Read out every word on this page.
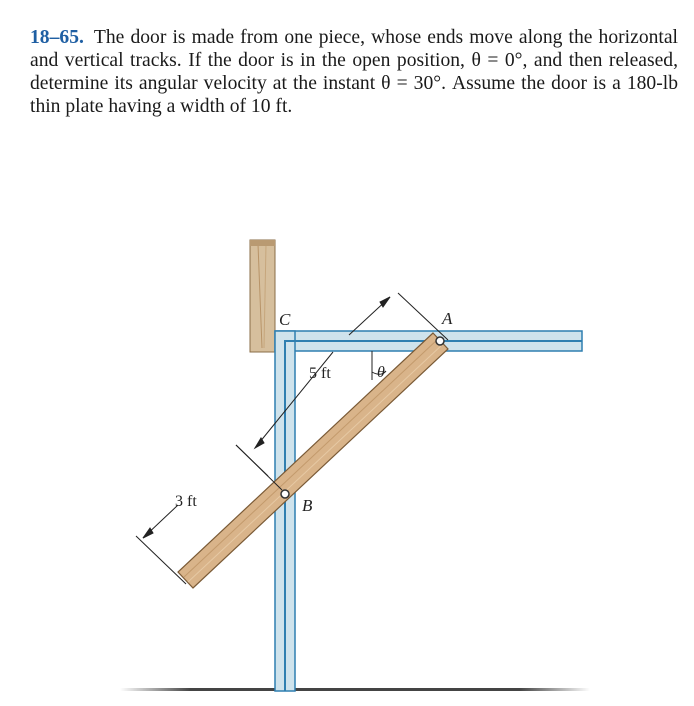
18–65. The door is made from one piece, whose ends move along the horizontal and vertical tracks. If the door is in the open position, θ = 0°, and then released, determine its angular velocity at the instant θ = 30°. Assume the door is a 180-lb thin plate having a width of 10 ft.
A
B
C
θ
5 ft
3 ft
